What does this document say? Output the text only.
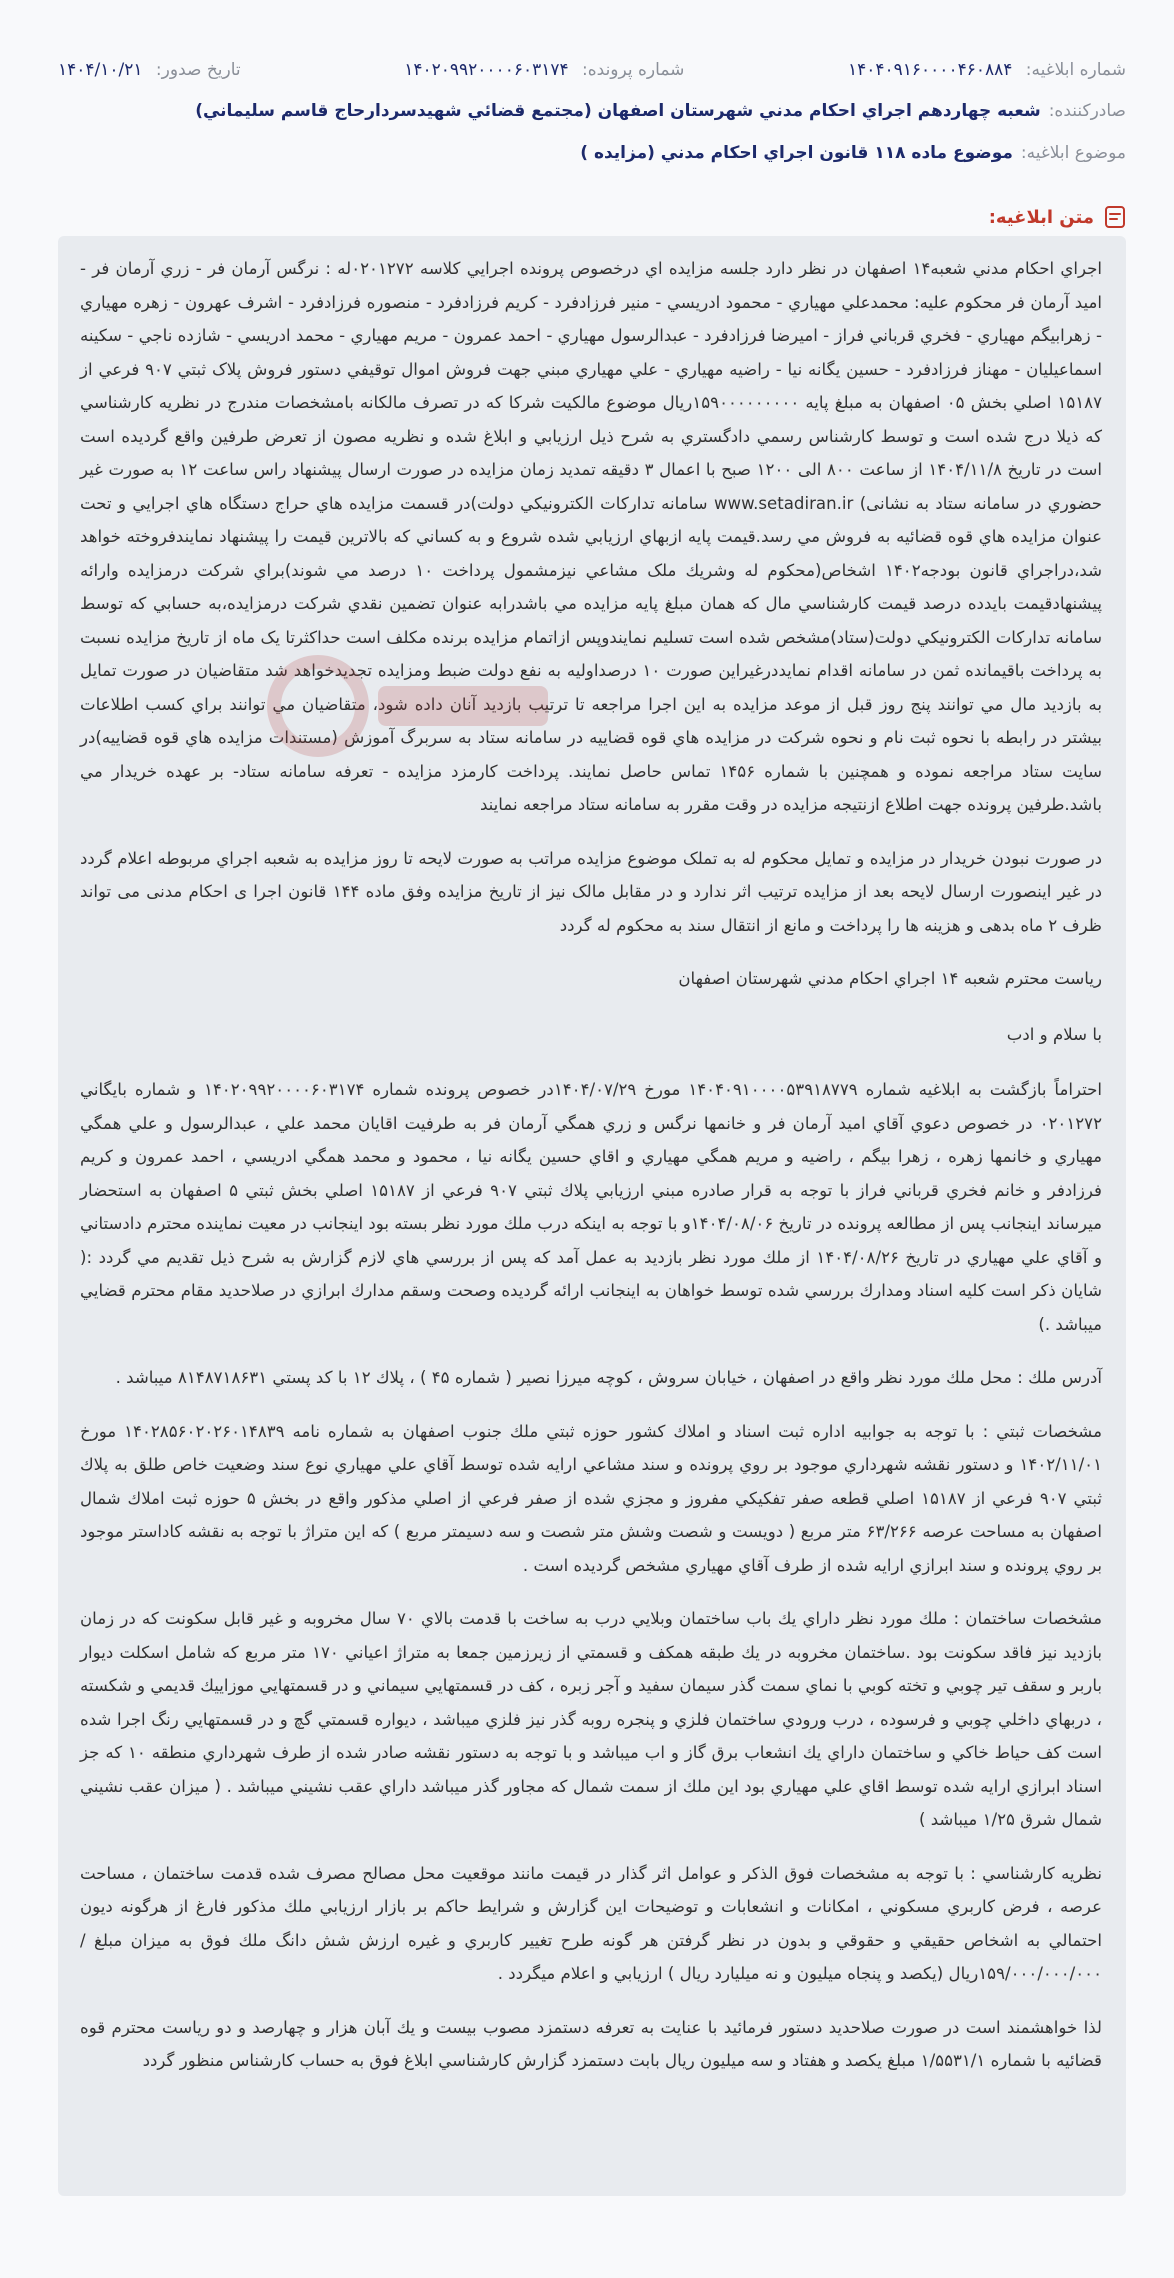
شماره ابلاغيه: ۱۴۰۴۰۹۱۶۰۰۰۰۴۶۰۸۸۴
شماره پرونده: ۱۴۰۲۰۹۹۲۰۰۰۰۶۰۳۱۷۴
تاريخ صدور: ۱۴۰۴/۱۰/۲۱
صادرکننده:
شعبه چهاردهم اجراي احكام مدني شهرستان اصفهان (مجتمع قضائي شهيدسردارحاج قاسم سليماني)
موضوع ابلاغيه:
موضوع ماده ۱۱۸ قانون اجراي احكام مدني (مزايده )
متن ابلاغيه:

اجراي احكام مدني شعبه۱۴ اصفهان در نظر دارد جلسه مزايده اي درخصوص پرونده اجرايي كلاسه ۰۲۰۱۲۷۲له : نرگس آرمان فر - زري آرمان فر - اميد آرمان فر محکوم عليه: محمدعلي مهياري - محمود ادريسي - منير فرزادفرد - كريم فرزادفرد - منصوره فرزادفرد - اشرف عهرون - زهره مهياري - زهرابيگم مهياري - فخري قرباني فراز - اميرضا فرزادفرد - عبدالرسول مهياري - احمد عمرون - مريم مهياري - محمد ادريسي - شازده ناجي - سكينه اسماعيليان - مهناز فرزادفرد - حسين يگانه نيا - راضيه مهياري - علي مهياري مبني جهت فروش اموال توقيفي دستور فروش پلاک ثبتي ۹۰۷ فرعي از ۱۵۱۸۷ اصلي بخش ۰۵ اصفهان به مبلغ پايه ۱۵۹۰۰۰۰۰۰۰۰۰ريال موضوع مالكيت شركا كه در تصرف مالكانه بامشخصات مندرج در نظريه كارشناسي كه ذيلا درج شده است و توسط كارشناس رسمي دادگستري به شرح ذيل ارزيابي و ابلاغ شده و نظريه مصون از تعرض طرفين واقع گرديده است است در تاريخ ۱۴۰۴/۱۱/۸ از ساعت ۸۰۰ الی ۱۲۰۰ صبح با اعمال ۳ دقيقه تمديد زمان مزايده در صورت ارسال پيشنهاد راس ساعت ۱۲ به صورت غير حضوري در سامانه ستاد به نشانی) www.setadiran.ir سامانه تداركات الكترونيكي دولت)در قسمت مزايده هاي حراج دستگاه هاي اجرايي و تحت عنوان مزايده هاي قوه قضائيه به فروش مي رسد.قيمت پايه ازبهاي ارزيابي شده شروع و به كساني كه بالاترين قيمت را پيشنهاد نمايندفروخته خواهد شد،دراجراي قانون بودجه۱۴۰۲ اشخاص(محكوم له وشريك ملک مشاعي نيزمشمول پرداخت ۱۰ درصد مي شوند)براي شركت درمزايده وارائه پيشنهادقيمت بايدده درصد قيمت كارشناسي مال كه همان مبلغ پايه مزايده مي باشدرابه عنوان تضمين نقدي شركت درمزايده،به حسابي كه توسط سامانه تداركات الكترونيكي دولت(ستاد)مشخص شده است تسليم نمايندوپس ازاتمام مزايده برنده مكلف است حداكثرتا يک ماه از تاريخ مزايده نسبت به پرداخت باقيمانده ثمن در سامانه اقدام نمايددرغيراين صورت ۱۰ درصداوليه به نفع دولت ضبط ومزايده تجديدخواهد شد متقاضيان در صورت تمايل به بازديد مال مي توانند پنج روز قبل از موعد مزايده به اين اجرا مراجعه تا ترتيب بازديد آنان داده شود، متقاضيان مي توانند براي كسب اطلاعات بيشتر در رابطه با نحوه ثبت نام و نحوه شركت در مزايده هاي قوه قضاييه در سامانه ستاد به سربرگ آموزش (مستندات مزايده هاي قوه قضاييه)در سايت ستاد مراجعه نموده و همچنين با شماره ۱۴۵۶ تماس حاصل نمايند. پرداخت كارمزد مزايده - تعرفه سامانه ستاد- بر عهده خريدار مي باشد.طرفين پرونده جهت اطلاع ازنتيجه مزايده در وقت مقرر به سامانه ستاد مراجعه نمايند

در صورت نبودن خريدار در مزايده و تمايل محکوم له به تملک موضوع مزايده مراتب به صورت لايحه تا روز مزايده به شعبه اجراي مربوطه اعلام گردد در غير اينصورت ارسال لايحه بعد از مزايده ترتيب اثر ندارد و در مقابل مالک نيز از تاريخ مزايده وفق ماده ۱۴۴ قانون اجرا ی احکام مدنی می تواند ظرف ۲ ماه بدهی و هزينه ها را پرداخت و مانع از انتقال سند به محکوم له گردد

رياست محترم شعبه ۱۴ اجراي احكام مدني شهرستان اصفهان

با سلام و ادب

احتراماً بازگشت به ابلاغيه شماره ۱۴۰۴۰۹۱۰۰۰۰۵۳۹۱۸۷۷۹ مورخ ۱۴۰۴/۰۷/۲۹در خصوص پرونده شماره ۱۴۰۲۰۹۹۲۰۰۰۰۶۰۳۱۷۴ و شماره بايگاني ۰۲۰۱۲۷۲ در خصوص دعوي آقاي اميد آرمان فر و خانمها نرگس و زري همگي آرمان فر به طرفيت اقايان محمد علي ، عبدالرسول و علي همگي مهياري و خانمها زهره ، زهرا بيگم ، راضيه و مريم همگي مهياري و اقاي حسين يگانه نيا ، محمود و محمد همگي ادريسي ، احمد عمرون و كريم فرزادفر و خانم فخري قرباني فراز با توجه به قرار صادره مبني ارزيابي پلاك ثبتي ۹۰۷ فرعي از ۱۵۱۸۷ اصلي بخش ثبتي ۵ اصفهان به استحضار ميرساند اينجانب پس از مطالعه پرونده در تاريخ ۱۴۰۴/۰۸/۰۶و با توجه به اينكه درب ملك مورد نظر بسته بود اينجانب در معيت نماينده محترم دادستاني و آقاي علي مهياري در تاريخ ۱۴۰۴/۰۸/۲۶ از ملك مورد نظر بازديد به عمل آمد كه پس از بررسي هاي لازم گزارش به شرح ذيل تقديم مي گردد :( شايان ذكر است كليه اسناد ومدارك بررسي شده توسط خواهان به اينجانب ارائه گرديده وصحت وسقم مدارك ابرازي در صلاحديد مقام محترم قضايي ميباشد .)

آدرس ملك : محل ملك مورد نظر واقع در اصفهان ، خيابان سروش ، كوچه ميرزا نصير ( شماره ۴۵ ) ، پلاك ۱۲ با كد پستي ۸۱۴۸۷۱۸۶۳۱ ميباشد .

مشخصات ثبتي : با توجه به جوابيه اداره ثبت اسناد و املاك كشور حوزه ثبتي ملك جنوب اصفهان به شماره نامه ۱۴۰۲۸۵۶۰۲۰۲۶۰۱۴۸۳۹ مورخ ۱۴۰۲/۱۱/۰۱ و دستور نقشه شهرداري موجود بر روي پرونده و سند مشاعي ارايه شده توسط آقاي علي مهياري نوع سند وضعيت خاص طلق به پلاك ثبتي ۹۰۷ فرعي از ۱۵۱۸۷ اصلي قطعه صفر تفكيكي مفروز و مجزي شده از صفر فرعي از اصلي مذكور واقع در بخش ۵ حوزه ثبت املاك شمال اصفهان به مساحت عرصه ۶۳/۲۶۶ متر مربع ( دويست و شصت وشش متر شصت و سه دسيمتر مربع ) كه اين متراژ با توجه به نقشه كاداستر موجود بر روي پرونده و سند ابرازي ارايه شده از طرف آقاي مهياري مشخص گرديده است .

مشخصات ساختمان : ملك مورد نظر داراي يك باب ساختمان وبلايي درب به ساخت با قدمت بالاي ۷۰ سال مخروبه و غير قابل سكونت كه در زمان بازديد نيز فاقد سكونت بود .ساختمان مخروبه در يك طبقه همكف و قسمتي از زيرزمين جمعا به متراژ اعياني ۱۷۰ متر مربع كه شامل اسكلت ديوار باربر و سقف تير چوبي و تخته كوبي با نماي سمت گذر سيمان سفيد و آجر زبره ، كف در قسمتهايي سيماني و در قسمتهايي موزاييك قديمي و شكسته ، دربهاي داخلي چوبي و فرسوده ، درب ورودي ساختمان فلزي و پنجره روبه گذر نيز فلزي ميباشد ، ديواره قسمتي گچ و در قسمتهايي رنگ اجرا شده است كف حياط خاكي و ساختمان داراي يك انشعاب برق گاز و اب ميباشد و با توجه به دستور نقشه صادر شده از طرف شهرداري منطقه ۱۰ كه جز اسناد ابرازي ارايه شده توسط اقاي علي مهياري بود اين ملك از سمت شمال كه مجاور گذر ميباشد داراي عقب نشيني ميباشد . ( ميزان عقب نشيني شمال شرق ۱/۲۵ ميباشد )

نظريه كارشناسي : با توجه به مشخصات فوق الذكر و عوامل اثر گذار در قيمت مانند موقعيت محل مصالح مصرف شده قدمت ساختمان ، مساحت عرصه ، فرض كاربري مسكوني ، امكانات و انشعابات و توضيحات اين گزارش و شرايط حاكم بر بازار ارزيابي ملك مذكور فارغ از هرگونه ديون احتمالي به اشخاص حقيقي و حقوقي و بدون در نظر گرفتن هر گونه طرح تغيير كاربري و غيره ارزش شش دانگ ملك فوق به ميزان مبلغ /۱۵۹/۰۰۰/۰۰۰/۰۰۰ريال (يكصد و پنجاه ميليون و نه ميليارد ريال ) ارزيابي و اعلام ميگردد .

لذا خواهشمند است در صورت صلاحديد دستور فرمائيد با عنايت به تعرفه دستمزد مصوب بيست و يك آبان هزار و چهارصد و دو رياست محترم قوه قضائيه با شماره ۱/۵۵۳۱/۱ مبلغ يكصد و هفتاد و سه ميليون ريال بابت دستمزد گزارش كارشناسي ابلاغ فوق به حساب كارشناس منظور گردد
